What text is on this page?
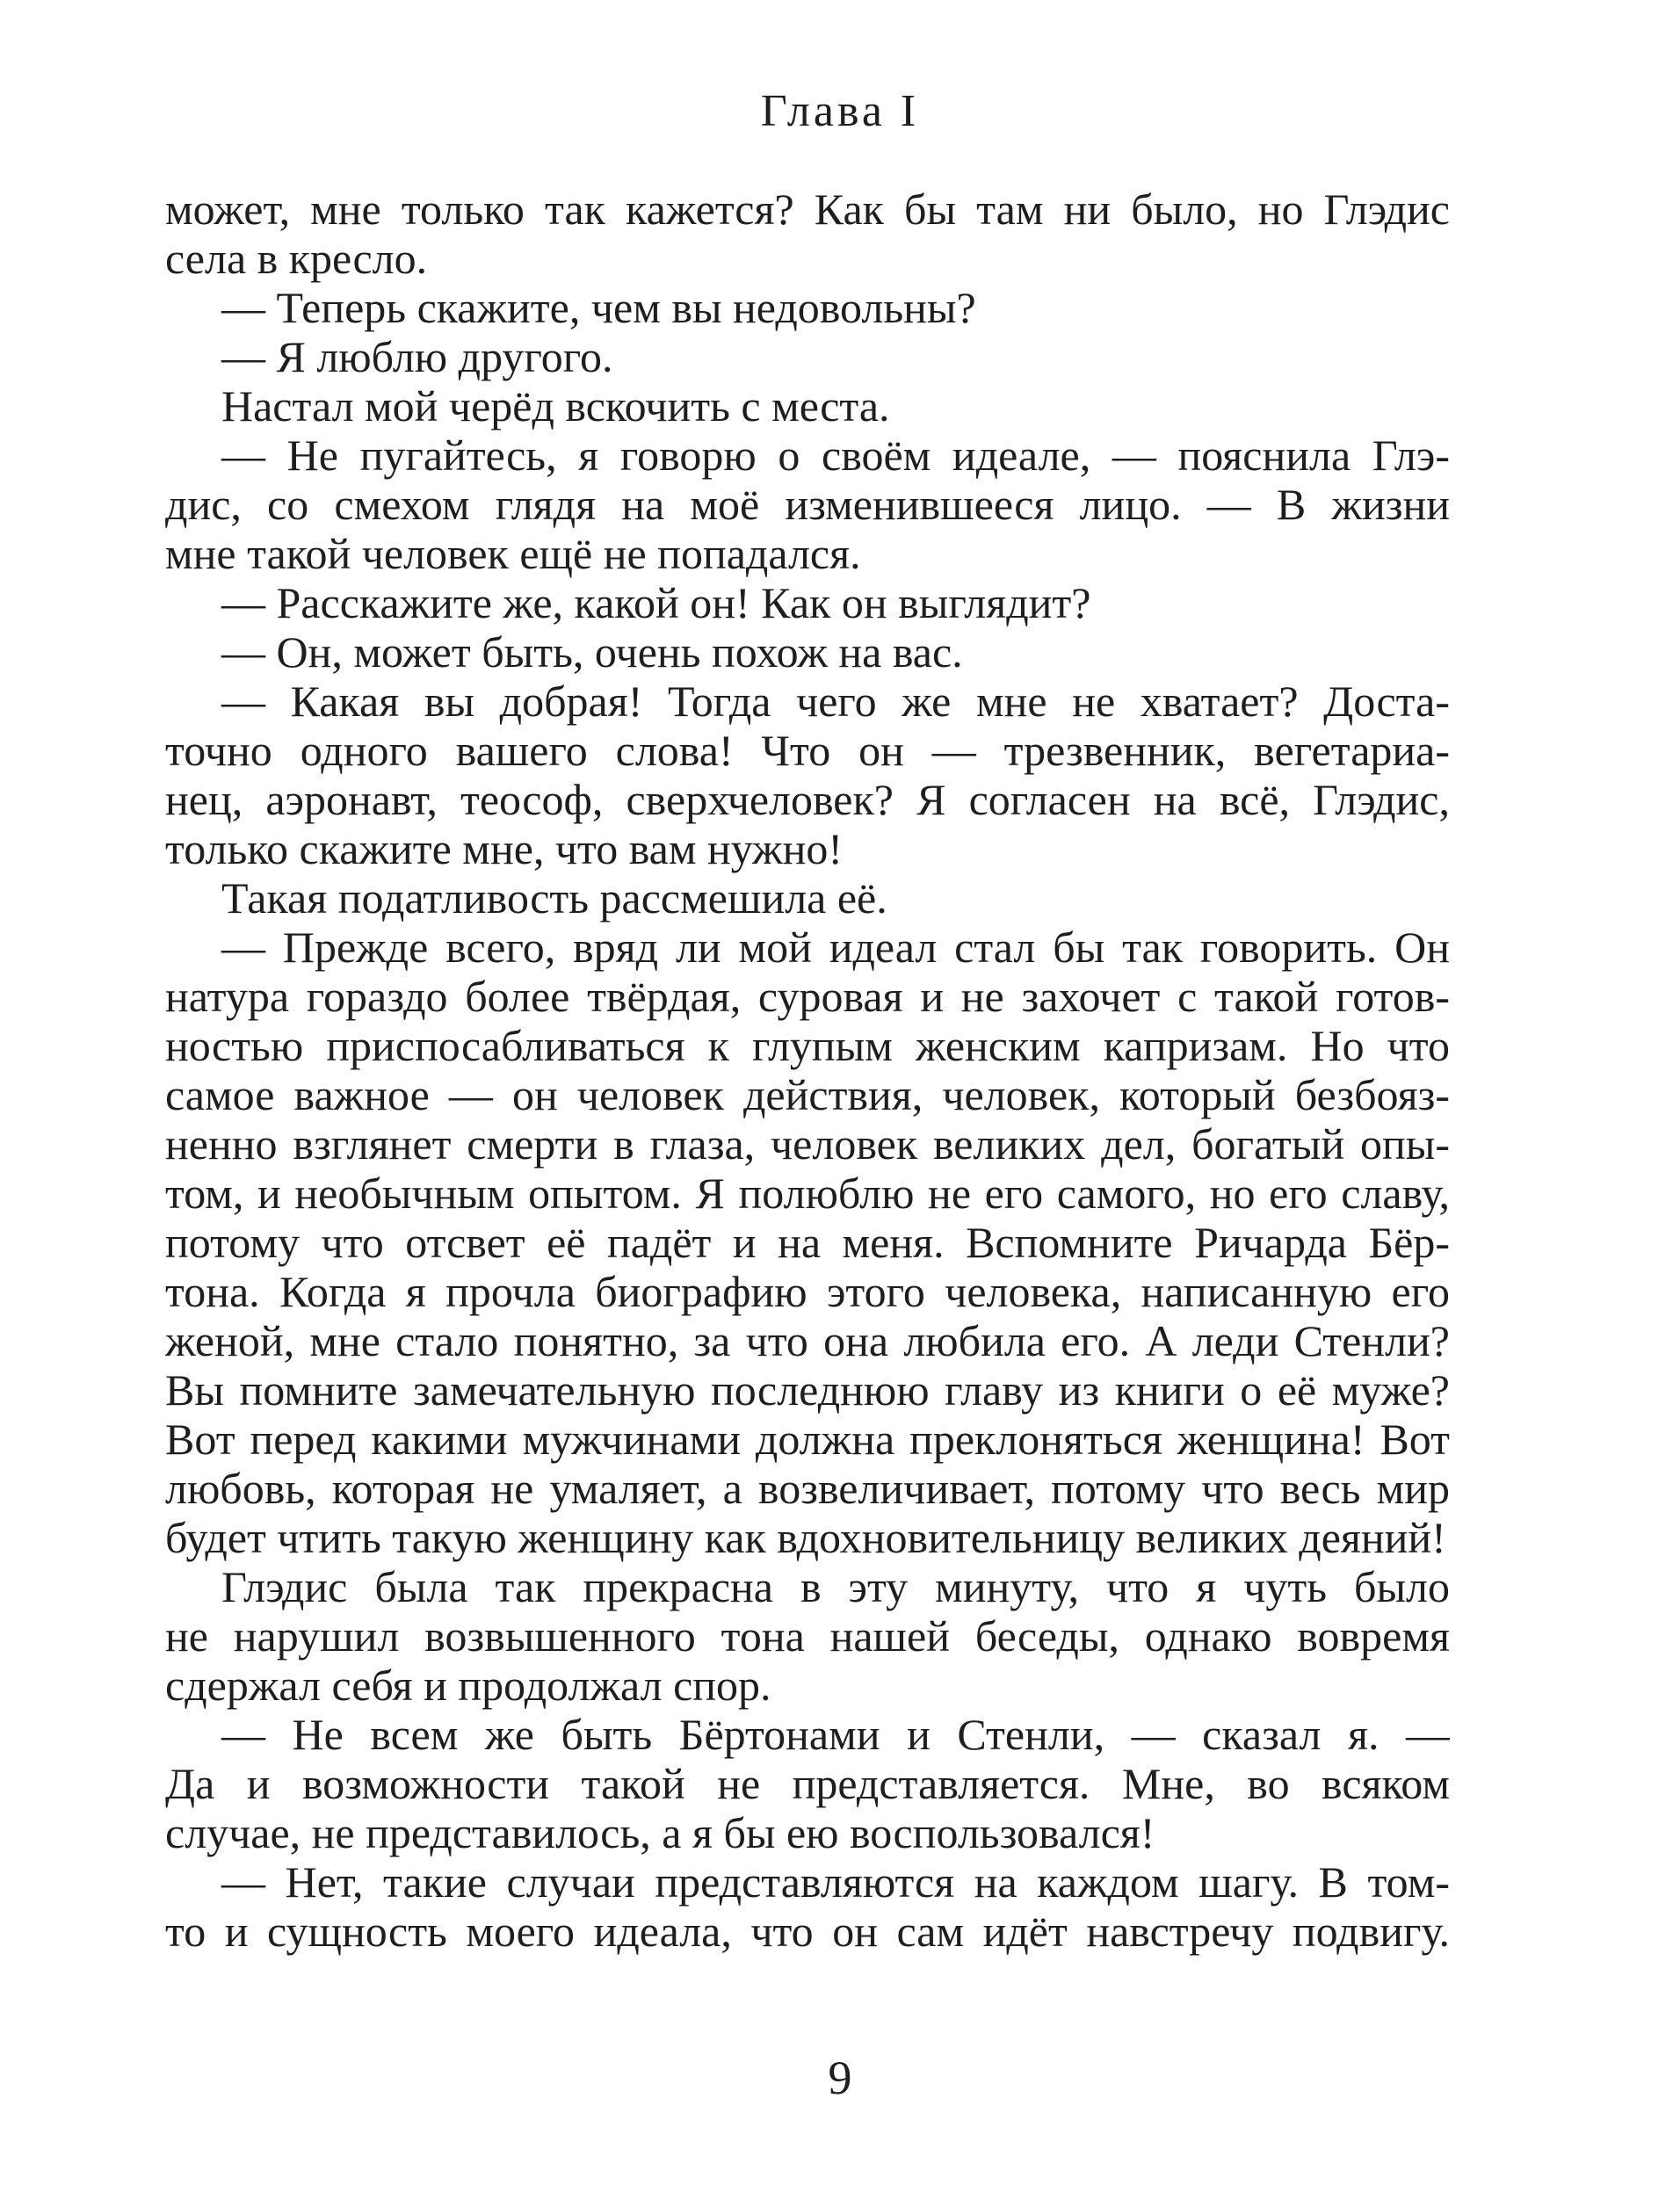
Глава I
может, мне только так кажется? Как бы там ни было, но Глэдис
села в кресло.
— Теперь скажите, чем вы недовольны?
— Я люблю другого.
Настал мой черёд вскочить с места.
— Не пугайтесь, я говорю о своём идеале, — пояснила Глэ-
дис, со смехом глядя на моё изменившееся лицо. — В жизни
мне такой человек ещё не попадался.
— Расскажите же, какой он! Как он выглядит?
— Он, может быть, очень похож на вас.
— Какая вы добрая! Тогда чего же мне не хватает? Доста-
точно одного вашего слова! Что он — трезвенник, вегетариа-
нец, аэронавт, теософ, сверхчеловек? Я согласен на всё, Глэдис,
только скажите мне, что вам нужно!
Такая податливость рассмешила её.
— Прежде всего, вряд ли мой идеал стал бы так говорить. Он
натура гораздо более твёрдая, суровая и не захочет с такой готов-
ностью приспосабливаться к глупым женским капризам. Но что
самое важное — он человек действия, человек, который безбояз-
ненно взглянет смерти в глаза, человек великих дел, богатый опы-
том, и необычным опытом. Я полюблю не его самого, но его славу,
потому что отсвет её падёт и на меня. Вспомните Ричарда Бёр-
тона. Когда я прочла биографию этого человека, написанную его
женой, мне стало понятно, за что она любила его. А леди Стенли?
Вы помните замечательную последнюю главу из книги о её муже?
Вот перед какими мужчинами должна преклоняться женщина! Вот
любовь, которая не умаляет, а возвеличивает, потому что весь мир
будет чтить такую женщину как вдохновительницу великих деяний!
Глэдис была так прекрасна в эту минуту, что я чуть было
не нарушил возвышенного тона нашей беседы, однако вовремя
сдержал себя и продолжал спор.
— Не всем же быть Бёртонами и Стенли, — сказал я. —
Да и возможности такой не представляется. Мне, во всяком
случае, не представилось, а я бы ею воспользовался!
— Нет, такие случаи представляются на каждом шагу. В том-
то и сущность моего идеала, что он сам идёт навстречу подвигу.
9
